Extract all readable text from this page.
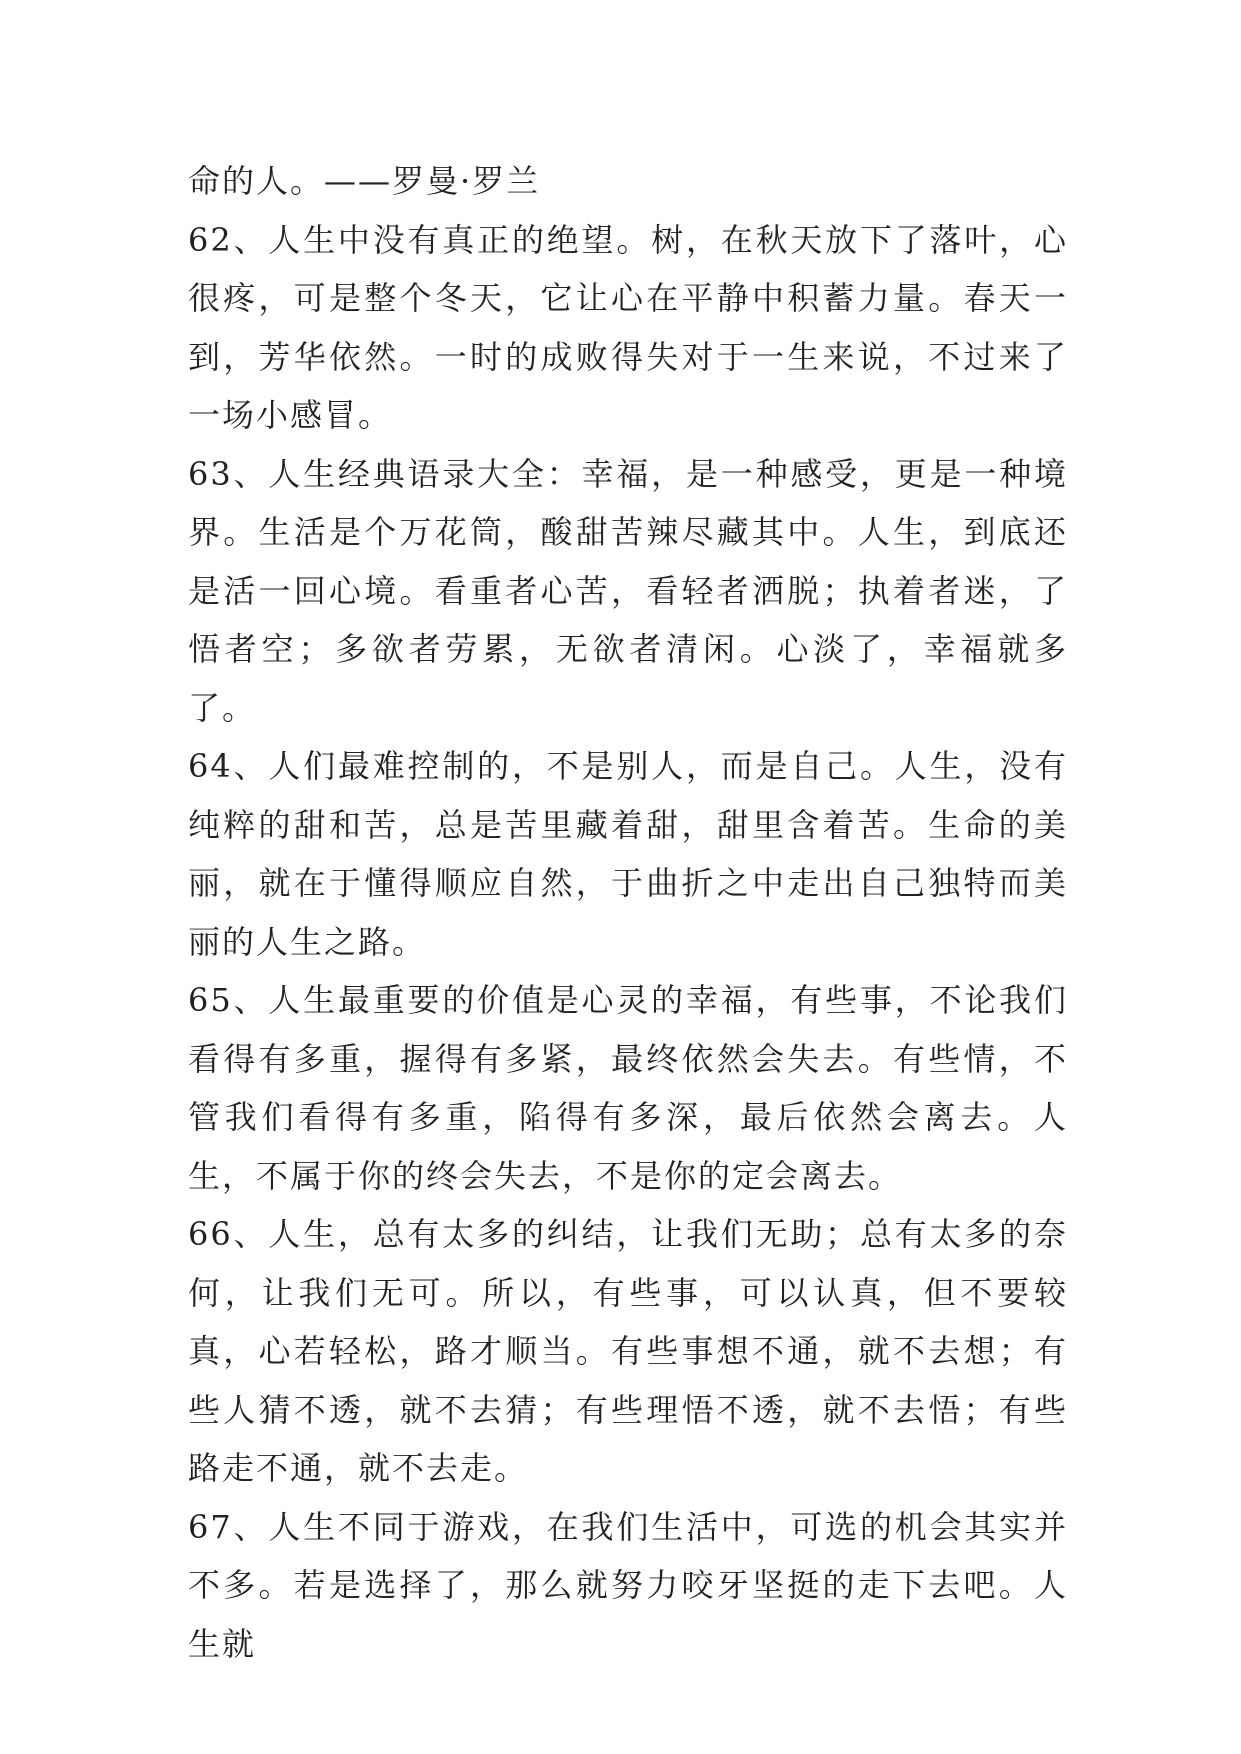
命的人。——罗曼·罗兰

62、人生中没有真正的绝望。树，在秋天放下了落叶，心很疼，可是整个冬天，它让心在平静中积蓄力量。春天一到，芳华依然。一时的成败得失对于一生来说，不过来了一场小感冒。

63、人生经典语录大全：幸福，是一种感受，更是一种境界。生活是个万花筒，酸甜苦辣尽藏其中。人生，到底还是活一回心境。看重者心苦，看轻者洒脱；执着者迷，了悟者空；多欲者劳累，无欲者清闲。心淡了，幸福就多了。

64、人们最难控制的，不是别人，而是自己。人生，没有纯粹的甜和苦，总是苦里藏着甜，甜里含着苦。生命的美丽，就在于懂得顺应自然，于曲折之中走出自己独特而美丽的人生之路。

65、人生最重要的价值是心灵的幸福，有些事，不论我们看得有多重，握得有多紧，最终依然会失去。有些情，不管我们看得有多重，陷得有多深，最后依然会离去。人生，不属于你的终会失去，不是你的定会离去。

66、人生，总有太多的纠结，让我们无助；总有太多的奈何，让我们无可。所以，有些事，可以认真，但不要较真，心若轻松，路才顺当。有些事想不通，就不去想；有些人猜不透，就不去猜；有些理悟不透，就不去悟；有些路走不通，就不去走。

67、人生不同于游戏，在我们生活中，可选的机会其实并不多。若是选择了，那么就努力咬牙坚挺的走下去吧。人生就
